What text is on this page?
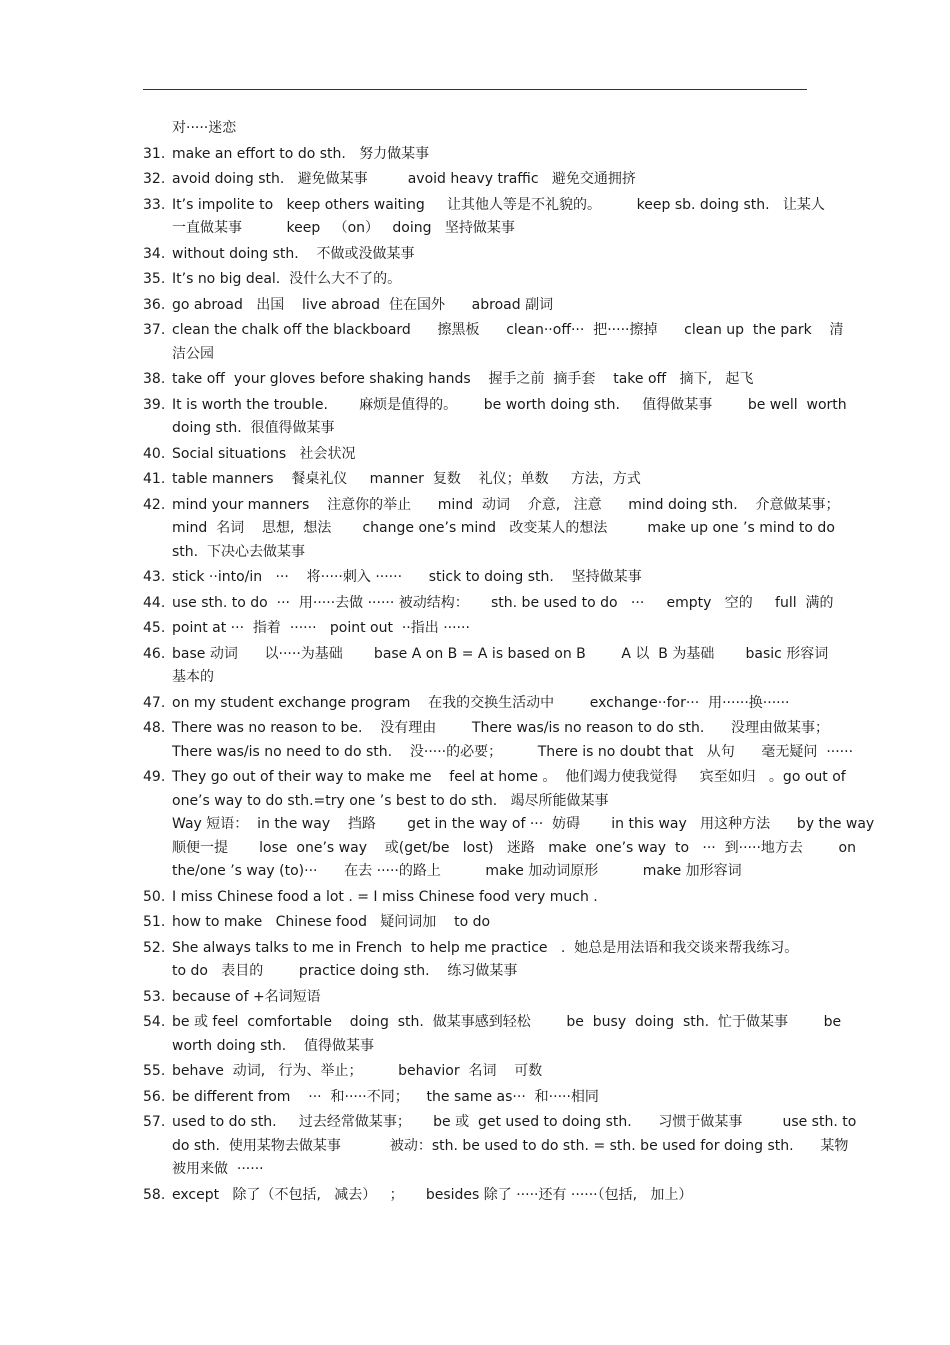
对·····迷恋
31. make an effort to do sth.   努力做某事
32. avoid doing sth.   避免做某事         avoid heavy traffic   避免交通拥挤
33. It’s impolite to   keep others waiting     让其他人等是不礼貌的。        keep sb. doing sth.   让某人
一直做某事          keep   （on）   doing   坚持做某事
34. without doing sth.    不做或没做某事
35. It’s no big deal.  没什么大不了的。
36. go abroad   出国    live abroad  住在国外      abroad 副词
37. clean the chalk off the blackboard      擦黑板      clean··off···  把·····擦掉      clean up  the park    清
洁公园
38. take off  your gloves before shaking hands    握手之前  摘手套    take off   摘下,   起飞
39. It is worth the trouble.       麻烦是值得的。      be worth doing sth.     值得做某事        be well  worth
doing sth.  很值得做某事
40. Social situations   社会状况
41. table manners    餐桌礼仪     manner  复数    礼仪；单数     方法，方式
42. mind your manners    注意你的举止      mind  动词    介意,   注意      mind doing sth.    介意做某事；
mind  名词    思想,  想法       change one’s mind   改变某人的想法         make up one ’s mind to do
sth.  下决心去做某事
43. stick ··into/in   ···    将·····刺入 ······      stick to doing sth.    坚持做某事
44. use sth. to do  ···  用·····去做 ······ 被动结构：     sth. be used to do   ···     empty   空的     full  满的
45. point at ···  指着  ······   point out  ··指出 ······
46. base 动词      以·····为基础       base A on B = A is based on B        A 以  B 为基础       basic 形容词
基本的
47. on my student exchange program    在我的交换生活动中        exchange··for···  用······换······
48. There was no reason to be.    没有理由        There was/is no reason to do sth.      没理由做某事；
There was/is no need to do sth.    没·····的必要；        There is no doubt that   从句      毫无疑问  ······
49. They go out of their way to make me    feel at home 。  他们竭力使我觉得     宾至如归   。go out of
one’s way to do sth.=try one ’s best to do sth.   竭尽所能做某事
Way 短语：  in the way    挡路       get in the way of ···  妨碍       in this way   用这种方法      by the way
顺便一提       lose  one’s way    或(get/be   lost)   迷路   make  one’s way  to   ···  到·····地方去        on
the/one ’s way (to)···      在去 ·····的路上          make 加动词原形          make 加形容词
50. I miss Chinese food a lot . = I miss Chinese food very much .
51. how to make   Chinese food   疑问词加    to do
52. She always talks to me in French  to help me practice   .  她总是用法语和我交谈来帮我练习。
to do   表目的        practice doing sth.    练习做某事
53. because of +名词短语
54. be 或 feel  comfortable    doing  sth.  做某事感到轻松        be  busy  doing  sth.  忙于做某事        be
worth doing sth.    值得做某事
55. behave  动词,   行为、举止；        behavior  名词    可数
56. be different from    ···  和·····不同；    the same as···  和·····相同
57. used to do sth.     过去经常做某事；     be 或  get used to doing sth.      习惯于做某事         use sth. to
do sth.  使用某物去做某事           被动：sth. be used to do sth. = sth. be used for doing sth.      某物
被用来做  ······
58. except   除了（不包括,   减去）   ；     besides 除了 ·····还有 ······（包括,   加上）
